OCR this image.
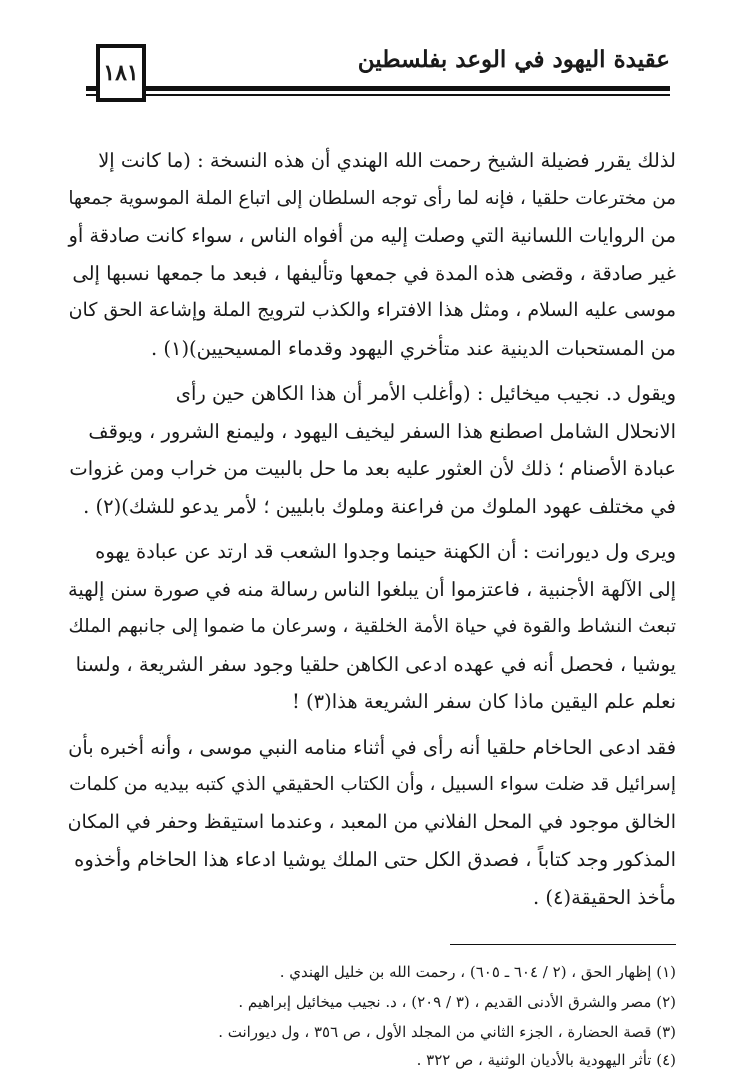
عقيدة اليهود في الوعد بفلسطين
١٨١

لذلك يقرر فضيلة الشيخ رحمت الله الهندي أن هذه النسخة : (ما كانت إلا
من مخترعات حلقيا ، فإنه لما رأى توجه السلطان إلى اتباع الملة الموسوية جمعها
من الروايات اللسانية التي وصلت إليه من أفواه الناس ، سواء كانت صادقة أو
غير صادقة ، وقضى هذه المدة في جمعها وتأليفها ، فبعد ما جمعها نسبها إلى
موسى عليه السلام ، ومثل هذا الافتراء والكذب لترويج الملة وإشاعة الحق كان
من المستحبات الدينية عند متأخري اليهود وقدماء المسيحيين)(١) .

ويقول د. نجيب ميخائيل : (وأغلب الأمر أن هذا الكاهن حين رأى
الانحلال الشامل اصطنع هذا السفر ليخيف اليهود ، وليمنع الشرور ، ويوقف
عبادة الأصنام ؛ ذلك لأن العثور عليه بعد ما حل بالبيت من خراب ومن غزوات
في مختلف عهود الملوك من فراعنة وملوك بابليين ؛ لأمر يدعو للشك)(٢) .

ويرى ول ديورانت : أن الكهنة حينما وجدوا الشعب قد ارتد عن عبادة يهوه
إلى الآلهة الأجنبية ، فاعتزموا أن يبلغوا الناس رسالة منه في صورة سنن إلهية
تبعث النشاط والقوة في حياة الأمة الخلقية ، وسرعان ما ضموا إلى جانبهم الملك
يوشيا ، فحصل أنه في عهده ادعى الكاهن حلقيا وجود سفر الشريعة ، ولسنا
نعلم علم اليقين ماذا كان سفر الشريعة هذا(٣) !

فقد ادعى الحاخام حلقيا أنه رأى في أثناء منامه النبي موسى ، وأنه أخبره بأن
إسرائيل قد ضلت سواء السبيل ، وأن الكتاب الحقيقي الذي كتبه بيديه من كلمات
الخالق موجود في المحل الفلاني من المعبد ، وعندما استيقظ وحفر في المكان
المذكور وجد كتاباً ، فصدق الكل حتى الملك يوشيا ادعاء هذا الحاخام وأخذوه
مأخذ الحقيقة(٤) .

(١) إظهار الحق ، (٢ / ٦٠٤ ـ ٦٠٥) ، رحمت الله بن خليل الهندي .
(٢) مصر والشرق الأدنى القديم ، (٣ / ٢٠٩) ، د. نجيب ميخائيل إبراهيم .
(٣) قصة الحضارة ، الجزء الثاني من المجلد الأول ، ص ٣٥٦ ، ول ديورانت .
(٤) تأثر اليهودية بالأديان الوثنية ، ص ٣٢٢ .
